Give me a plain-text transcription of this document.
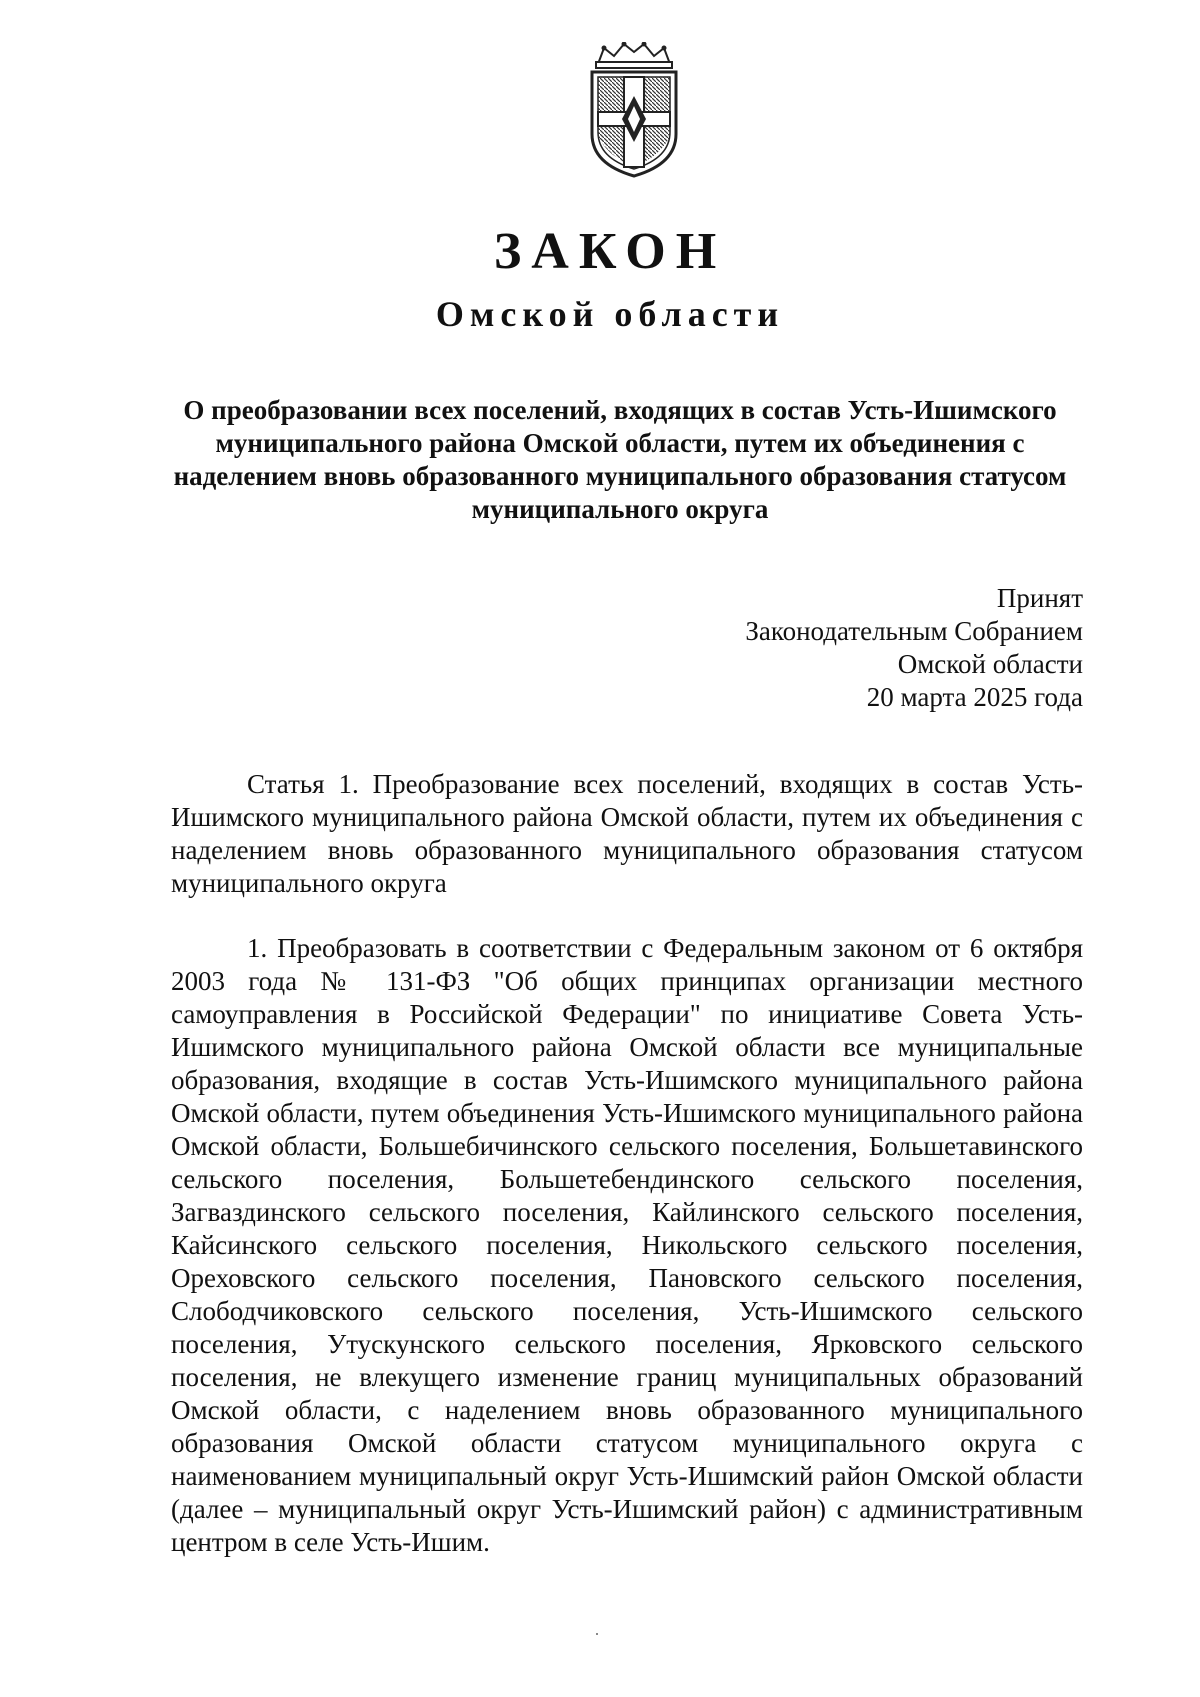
ЗАКОН
Омской области

О преобразовании всех поселений, входящих в состав Усть-Ишимского муниципального района Омской области, путем их объединения с наделением вновь образованного муниципального образования статусом муниципального округа

Принят
Законодательным Собранием
Омской области
20 марта 2025 года

Статья 1. Преобразование всех поселений, входящих в состав Усть-Ишимского муниципального района Омской области, путем их объединения с наделением вновь образованного муниципального образования статусом муниципального округа

1. Преобразовать в соответствии с Федеральным законом от 6 октября 2003 года № 131-ФЗ "Об общих принципах организации местного самоуправления в Российской Федерации" по инициативе Совета Усть-Ишимского муниципального района Омской области все муниципальные образования, входящие в состав Усть-Ишимского муниципального района Омской области, путем объединения Усть-Ишимского муниципального района Омской области, Большебичинского сельского поселения, Большетавинского сельского поселения, Большетебендинского сельского поселения, Загваздинского сельского поселения, Кайлинского сельского поселения, Кайсинского сельского поселения, Никольского сельского поселения, Ореховского сельского поселения, Пановского сельского поселения, Слободчиковского сельского поселения, Усть-Ишимского сельского поселения, Утускунского сельского поселения, Ярковского сельского поселения, не влекущего изменение границ муниципальных образований Омской области, с наделением вновь образованного муниципального образования Омской области статусом муниципального округа с наименованием муниципальный округ Усть-Ишимский район Омской области (далее – муниципальный округ Усть-Ишимский район) с административным центром в селе Усть-Ишим.
